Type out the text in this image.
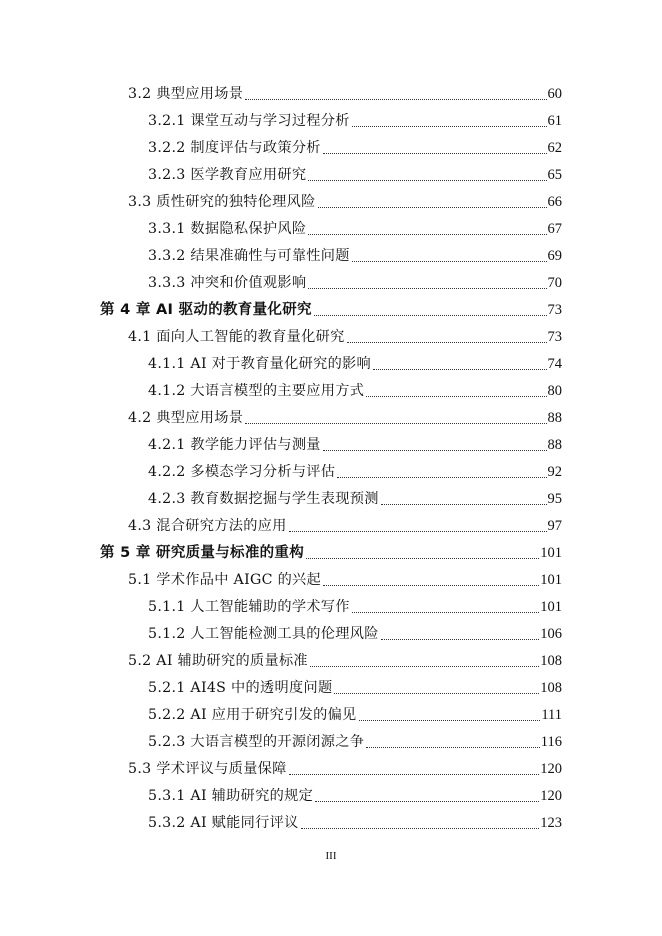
3.2 典型应用场景	60
3.2.1 课堂互动与学习过程分析	61
3.2.2 制度评估与政策分析	62
3.2.3 医学教育应用研究	65
3.3 质性研究的独特伦理风险	66
3.3.1 数据隐私保护风险	67
3.3.2 结果准确性与可靠性问题	69
3.3.3 冲突和价值观影响	70
第 4 章 AI 驱动的教育量化研究	73
4.1 面向人工智能的教育量化研究	73
4.1.1 AI 对于教育量化研究的影响	74
4.1.2 大语言模型的主要应用方式	80
4.2 典型应用场景	88
4.2.1 教学能力评估与测量	88
4.2.2 多模态学习分析与评估	92
4.2.3 教育数据挖掘与学生表现预测	95
4.3 混合研究方法的应用	97
第 5 章 研究质量与标准的重构	101
5.1 学术作品中 AIGC 的兴起	101
5.1.1 人工智能辅助的学术写作	101
5.1.2 人工智能检测工具的伦理风险	106
5.2 AI 辅助研究的质量标准	108
5.2.1 AI4S 中的透明度问题	108
5.2.2 AI 应用于研究引发的偏见	111
5.2.3 大语言模型的开源闭源之争	116
5.3 学术评议与质量保障	120
5.3.1 AI 辅助研究的规定	120
5.3.2 AI 赋能同行评议	123
III
